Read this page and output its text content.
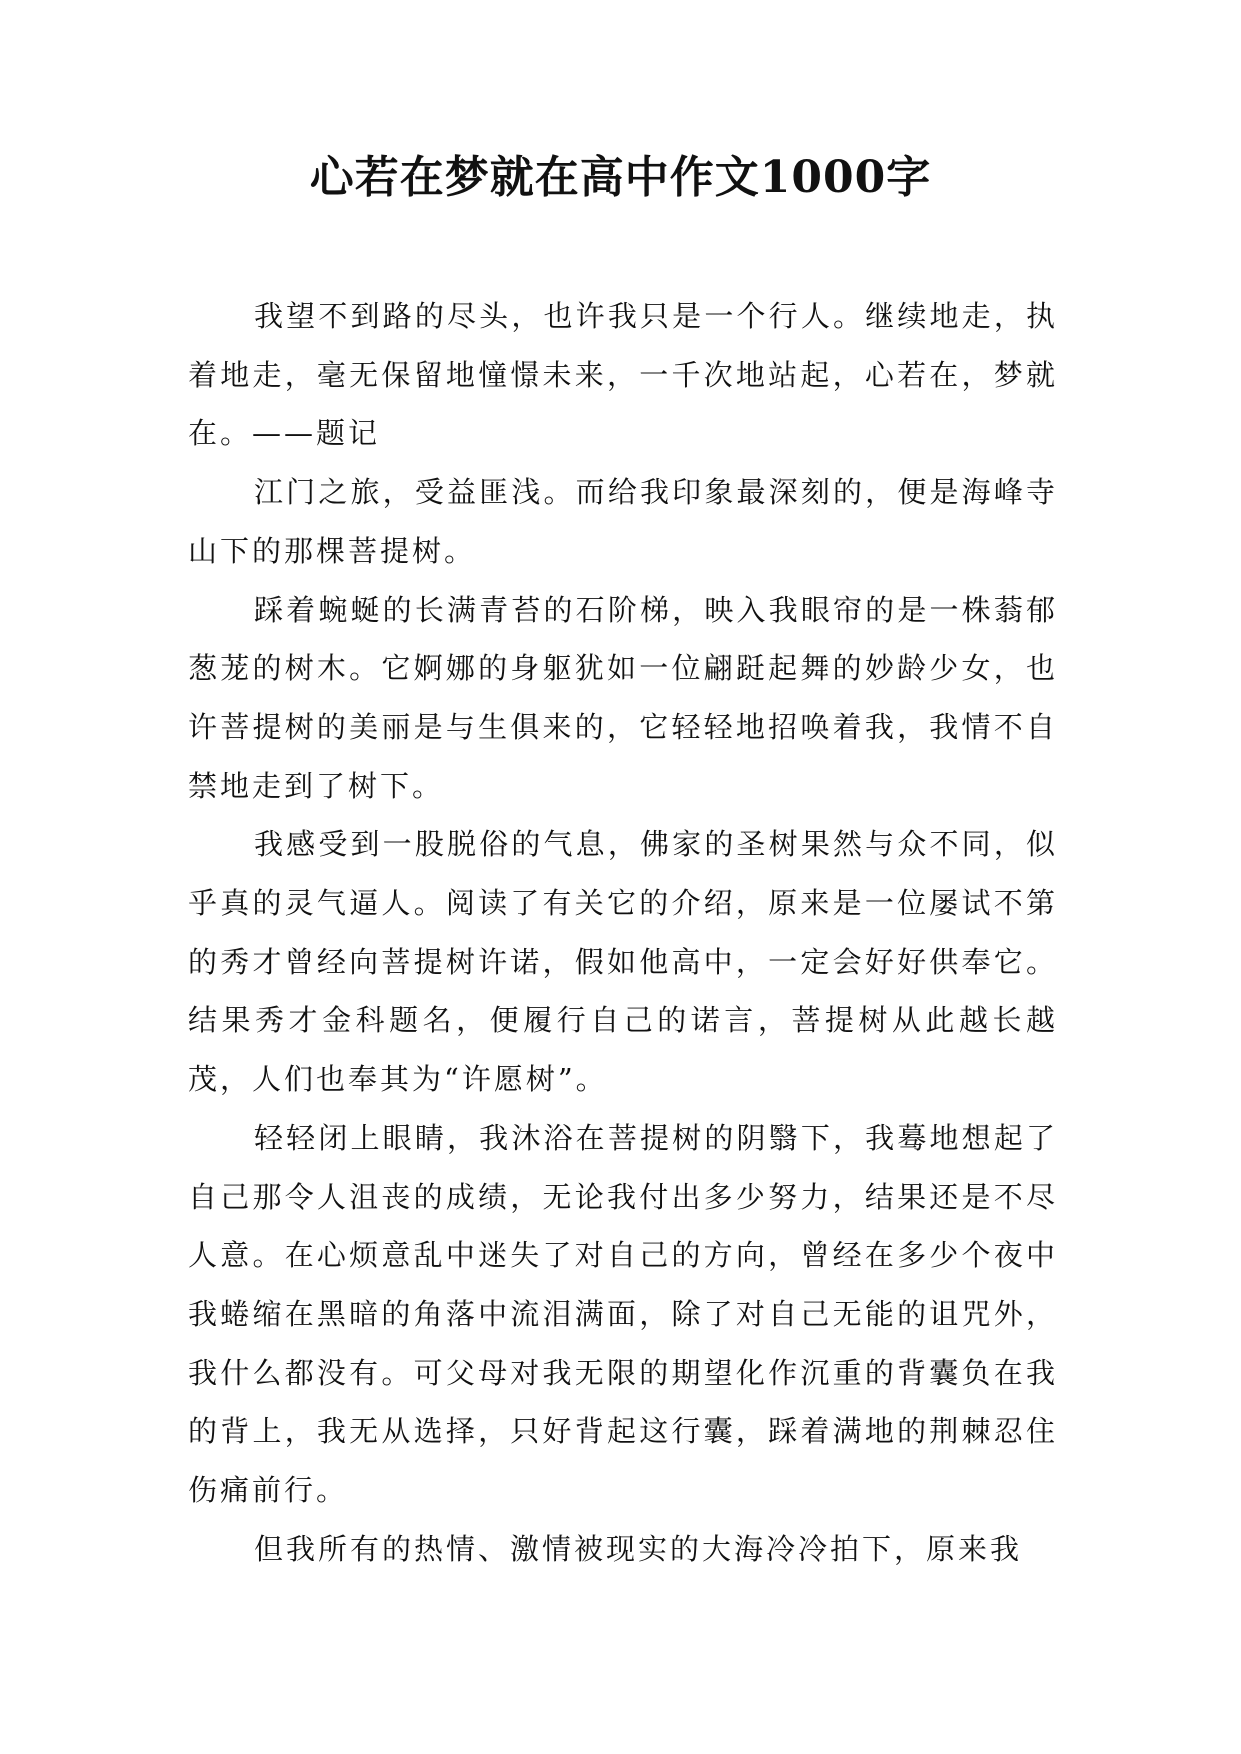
心若在梦就在高中作文1000字

我望不到路的尽头，也许我只是一个行人。继续地走，执着地走，毫无保留地憧憬未来，一千次地站起，心若在，梦就在。——题记

江门之旅，受益匪浅。而给我印象最深刻的，便是海峰寺山下的那棵菩提树。

踩着蜿蜒的长满青苔的石阶梯，映入我眼帘的是一株蓊郁葱茏的树木。它婀娜的身躯犹如一位翩跹起舞的妙龄少女，也许菩提树的美丽是与生俱来的，它轻轻地招唤着我，我情不自禁地走到了树下。

我感受到一股脱俗的气息，佛家的圣树果然与众不同，似乎真的灵气逼人。阅读了有关它的介绍，原来是一位屡试不第的秀才曾经向菩提树许诺，假如他高中，一定会好好供奉它。结果秀才金科题名，便履行自己的诺言，菩提树从此越长越茂，人们也奉其为“许愿树”。

轻轻闭上眼睛，我沐浴在菩提树的阴翳下，我蓦地想起了自己那令人沮丧的成绩，无论我付出多少努力，结果还是不尽人意。在心烦意乱中迷失了对自己的方向，曾经在多少个夜中我蜷缩在黑暗的角落中流泪满面，除了对自己无能的诅咒外，我什么都没有。可父母对我无限的期望化作沉重的背囊负在我的背上，我无从选择，只好背起这行囊，踩着满地的荆棘忍住伤痛前行。

但我所有的热情、激情被现实的大海冷冷拍下，原来我
